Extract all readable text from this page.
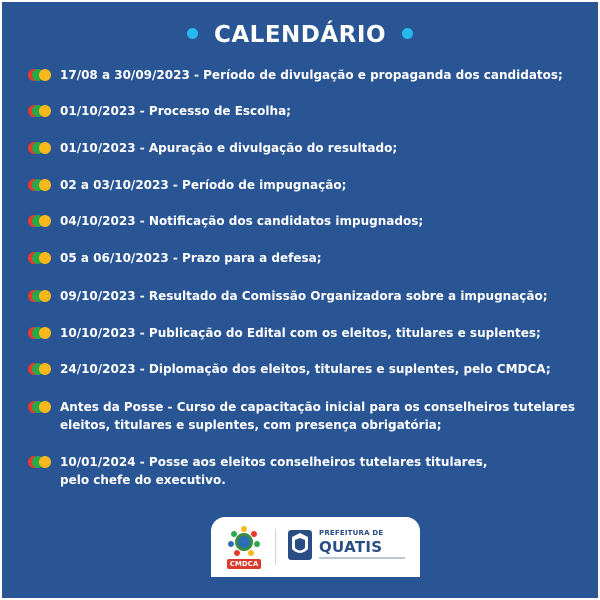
CALENDÁRIO
17/08 a 30/09/2023 - Período de divulgação e propaganda dos candidatos;
01/10/2023 - Processo de Escolha;
01/10/2023 - Apuração e divulgação do resultado;
02 a 03/10/2023 - Período de impugnação;
04/10/2023 - Notificação dos candidatos impugnados;
05 a 06/10/2023 - Prazo para a defesa;
09/10/2023 - Resultado da Comissão Organizadora sobre a impugnação;
10/10/2023 - Publicação do Edital com os eleitos, titulares e suplentes;
24/10/2023 - Diplomação dos eleitos, titulares e suplentes, pelo CMDCA;
Antes da Posse - Curso de capacitação inicial para os conselheiros tutelares
eleitos, titulares e suplentes, com presença obrigatória;
10/01/2024 - Posse aos eleitos conselheiros tutelares titulares,
pelo chefe do executivo.
CMDCA
PREFEITURA DE
QUATIS
